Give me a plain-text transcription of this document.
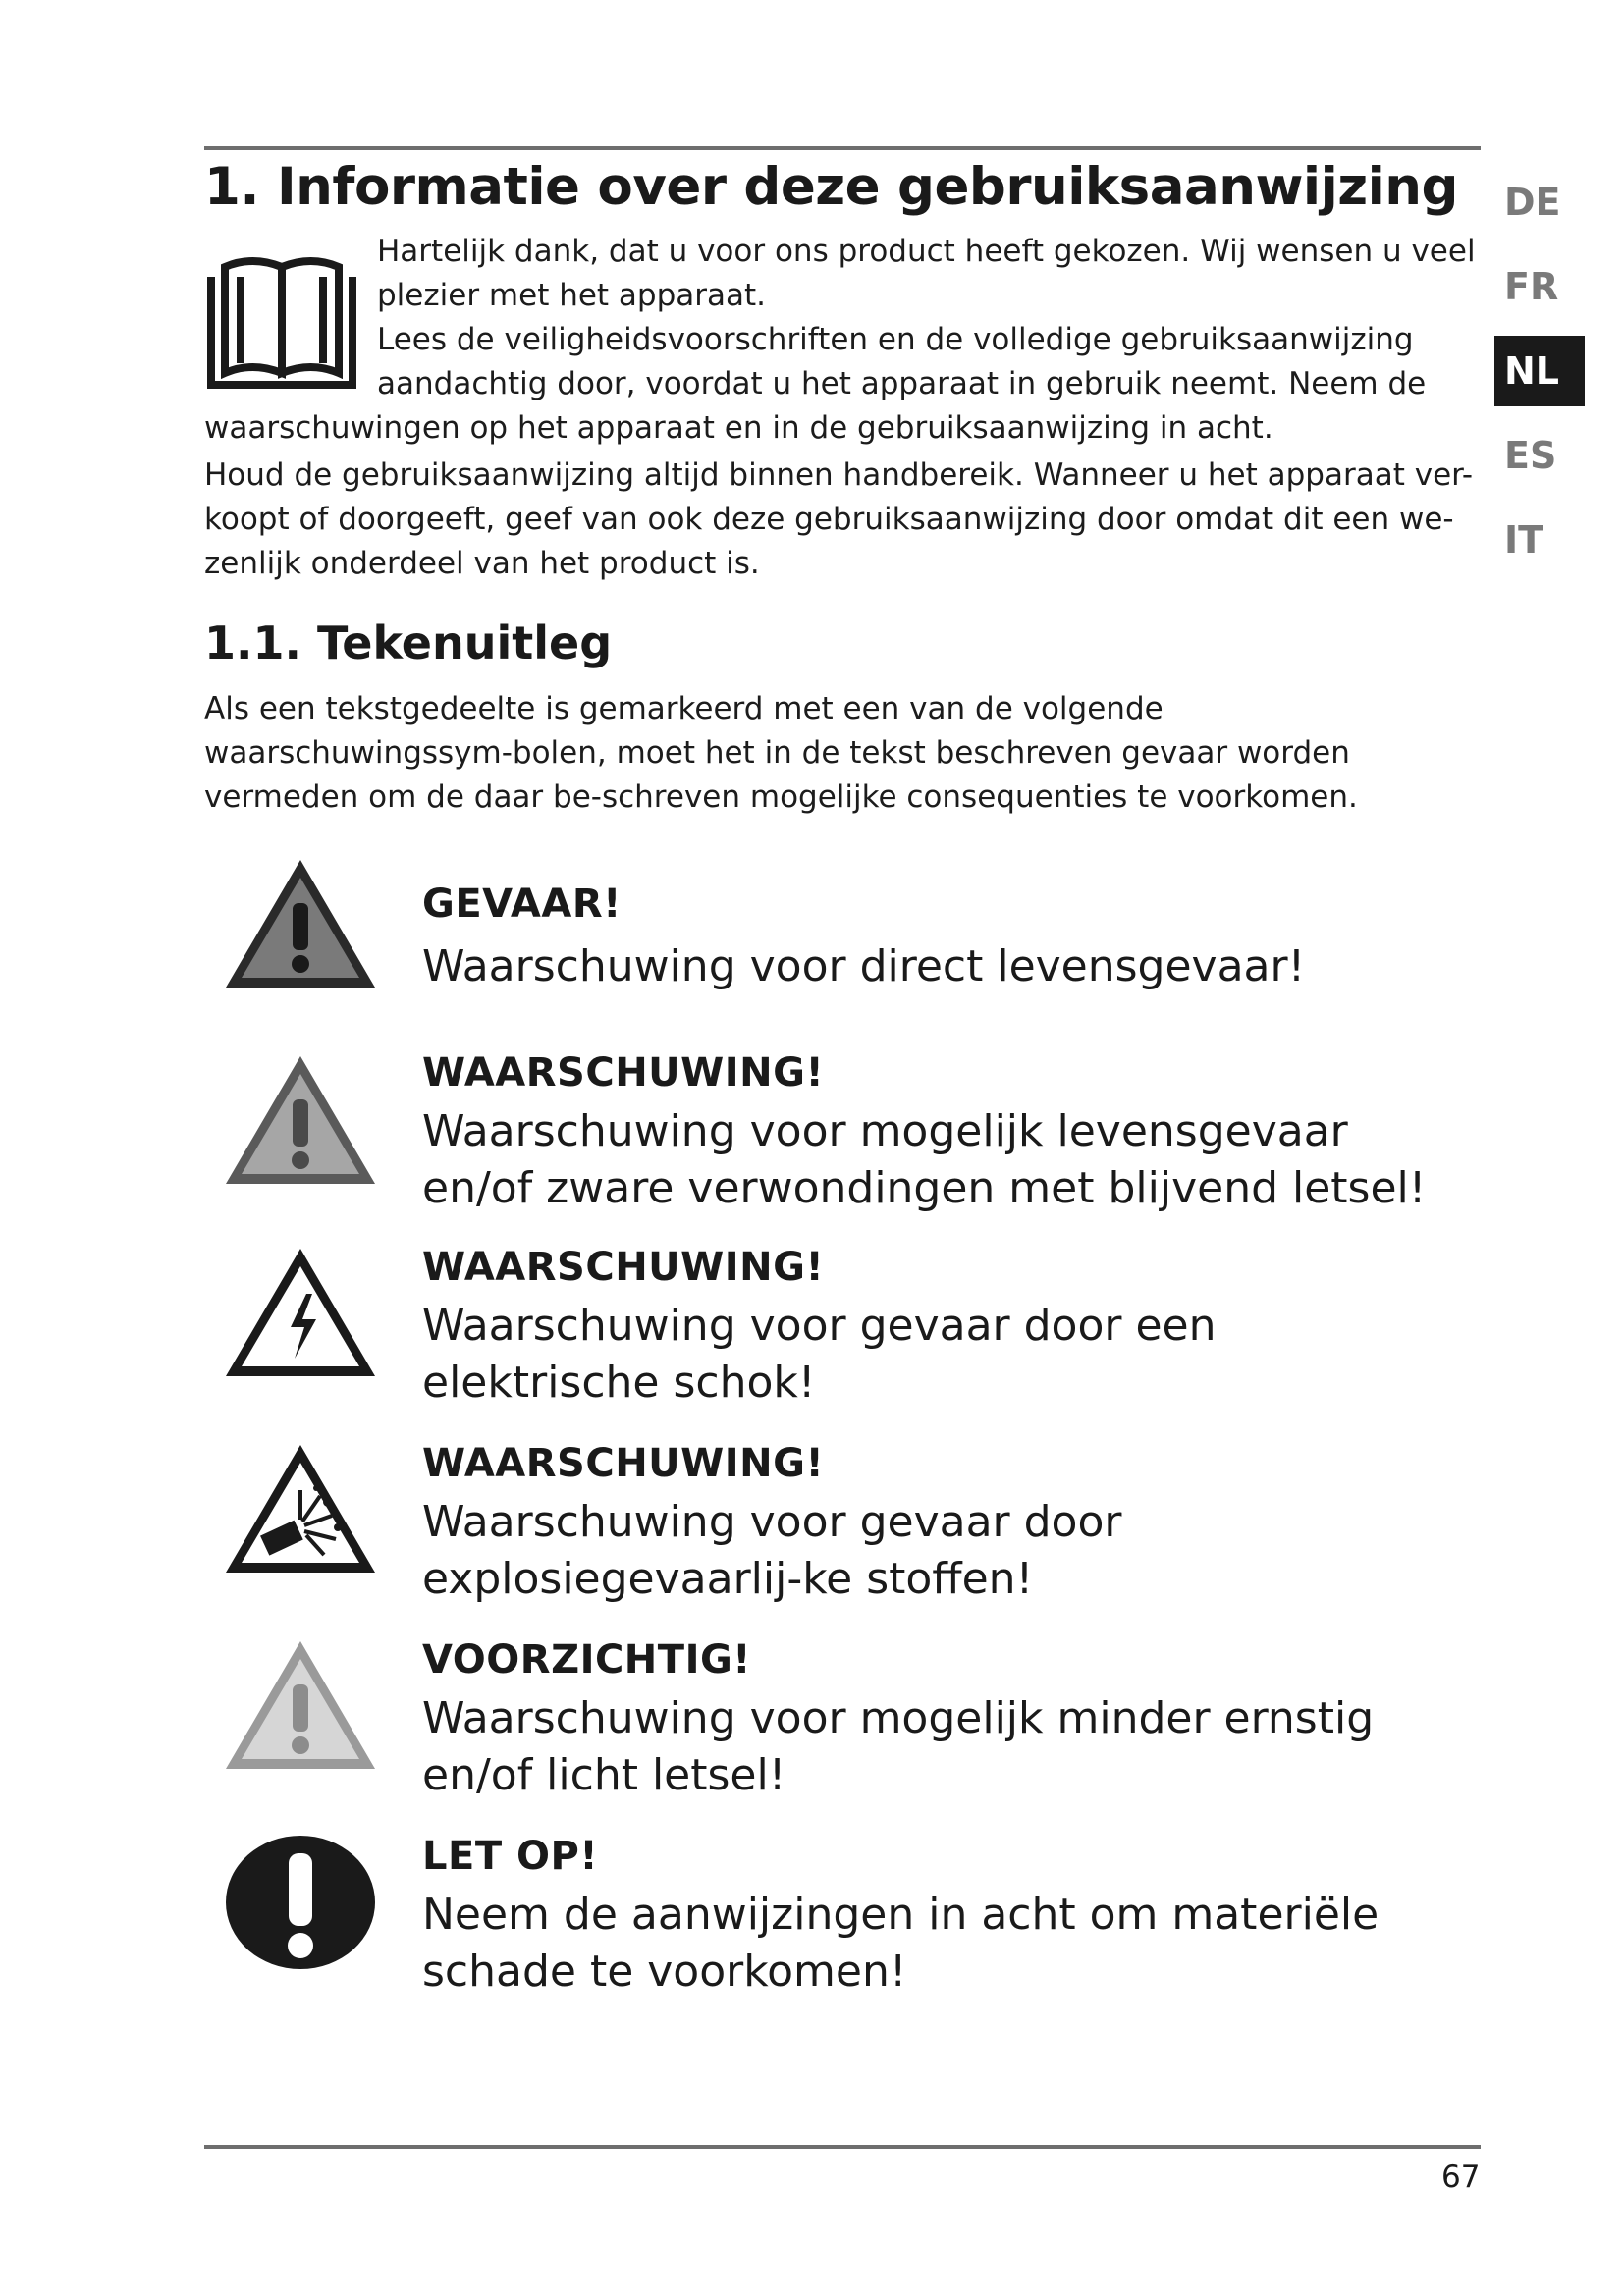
1. Informatie over deze gebruiksaanwijzing
Hartelijk dank, dat u voor ons product heeft gekozen. Wij wensen u veel
plezier met het apparaat.
Lees de veiligheidsvoorschriften en de volledige gebruiksaanwijzing
aandachtig door, voordat u het apparaat in gebruik neemt. Neem de
waarschuwingen op het apparaat en in de gebruiksaanwijzing in acht.

Houd de gebruiksaanwijzing altijd binnen handbereik. Wanneer u het apparaat ver-koopt of doorgeeft, geef van ook deze gebruiksaanwijzing door omdat dit een we-zenlijk onderdeel van het product is.

1.1. Tekenuitleg

Als een tekstgedeelte is gemarkeerd met een van de volgende waarschuwingssym-bolen, moet het in de tekst beschreven gevaar worden vermeden om de daar be-schreven mogelijke consequenties te voorkomen.

DE
FR
NL
ES
IT
GEVAAR!

Waarschuwing voor direct levensgevaar!

WAARSCHUWING!

Waarschuwing voor mogelijk levensgevaar en/of zware verwondingen met blijvend letsel!

WAARSCHUWING!

Waarschuwing voor gevaar door een elektrische schok!

WAARSCHUWING!

Waarschuwing voor gevaar door explosiegevaarlij-ke stoffen!

VOORZICHTIG!

Waarschuwing voor mogelijk minder ernstig en/of licht letsel!

LET OP!

Neem de aanwijzingen in acht om materiële schade te voorkomen!

67
